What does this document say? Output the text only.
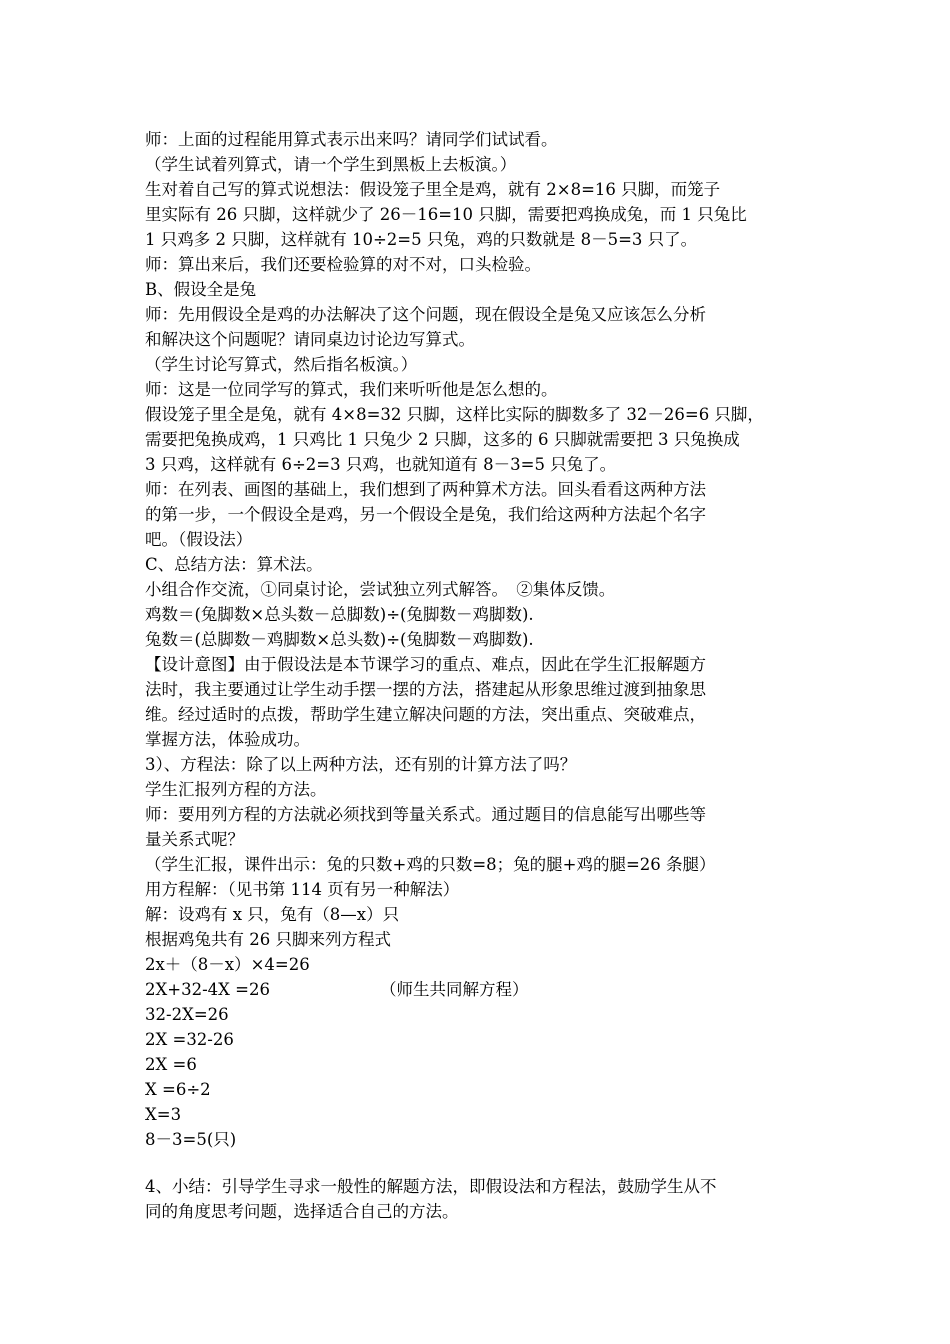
师：上面的过程能用算式表示出来吗？请同学们试试看。
（学生试着列算式，请一个学生到黑板上去板演。）
生对着自己写的算式说想法：假设笼子里全是鸡，就有 2×8=16 只脚，而笼子
里实际有 26 只脚，这样就少了 26－16=10 只脚，需要把鸡换成兔，而 1 只兔比
1 只鸡多 2 只脚，这样就有 10÷2=5 只兔，鸡的只数就是 8－5=3 只了。
师：算出来后，我们还要检验算的对不对，口头检验。
B、假设全是兔
师：先用假设全是鸡的办法解决了这个问题，现在假设全是兔又应该怎么分析
和解决这个问题呢？请同桌边讨论边写算式。
（学生讨论写算式，然后指名板演。）
师：这是一位同学写的算式，我们来听听他是怎么想的。
假设笼子里全是兔，就有 4×8=32 只脚，这样比实际的脚数多了 32－26=6 只脚，
需要把兔换成鸡，1 只鸡比 1 只兔少 2 只脚，这多的 6 只脚就需要把 3 只兔换成
3 只鸡，这样就有 6÷2=3 只鸡，也就知道有 8－3=5 只兔了。
师：在列表、画图的基础上，我们想到了两种算术方法。回头看看这两种方法
的第一步，一个假设全是鸡，另一个假设全是兔，我们给这两种方法起个名字
吧。（假设法）
C、总结方法：算术法。
小组合作交流，①同桌讨论，尝试独立列式解答。　②集体反馈。
鸡数＝(兔脚数×总头数－总脚数)÷(兔脚数－鸡脚数).
兔数＝(总脚数－鸡脚数×总头数)÷(兔脚数－鸡脚数).
【设计意图】由于假设法是本节课学习的重点、难点，因此在学生汇报解题方
法时，我主要通过让学生动手摆一摆的方法，搭建起从形象思维过渡到抽象思
维。经过适时的点拨，帮助学生建立解决问题的方法，突出重点、突破难点，
掌握方法，体验成功。
3）、方程法：除了以上两种方法，还有别的计算方法了吗？
学生汇报列方程的方法。
师：要用列方程的方法就必须找到等量关系式。通过题目的信息能写出哪些等
量关系式呢？
（学生汇报，课件出示：兔的只数+鸡的只数=8；兔的腿+鸡的腿=26 条腿）
用方程解：（见书第 114 页有另一种解法）
解：设鸡有 x 只，兔有（8—x）只
根据鸡兔共有 26 只脚来列方程式
2x＋（8－x）×4=26
2X+32-4X =26	（师生共同解方程）
32-2X=26
2X =32-26
2X =6
X =6÷2
X=3
8－3=5(只)
4、小结：引导学生寻求一般性的解题方法，即假设法和方程法，鼓励学生从不
同的角度思考问题，选择适合自己的方法。
